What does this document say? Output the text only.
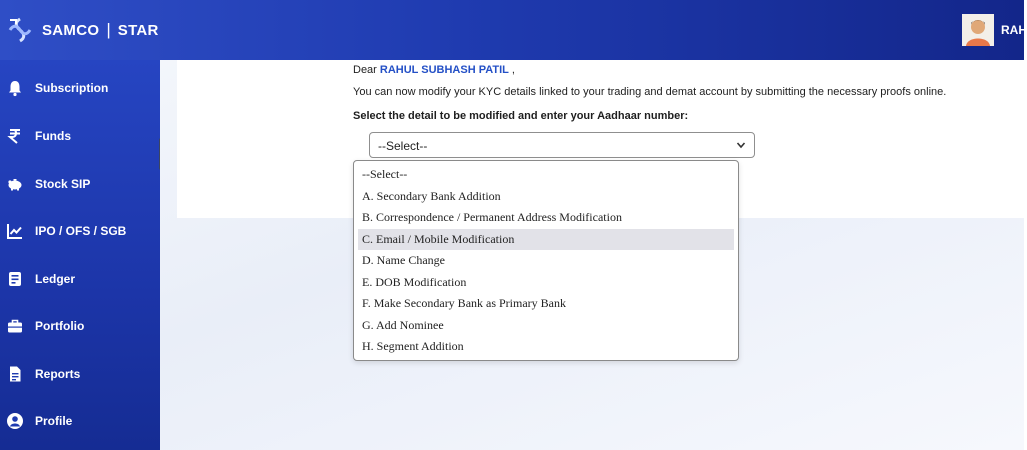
SAMCO | STAR	RAH
Subscription
Funds
Stock SIP
IPO / OFS / SGB
Ledger
Portfolio
Reports
Profile
Dear RAHUL SUBHASH PATIL ,
You can now modify your KYC details linked to your trading and demat account by submitting the necessary proofs online.
Select the detail to be modified and enter your Aadhaar number:
--Select--
--Select--
A. Secondary Bank Addition
B. Correspondence / Permanent Address Modification
C. Email / Mobile Modification
D. Name Change
E. DOB Modification
F. Make Secondary Bank as Primary Bank
G. Add Nominee
H. Segment Addition
